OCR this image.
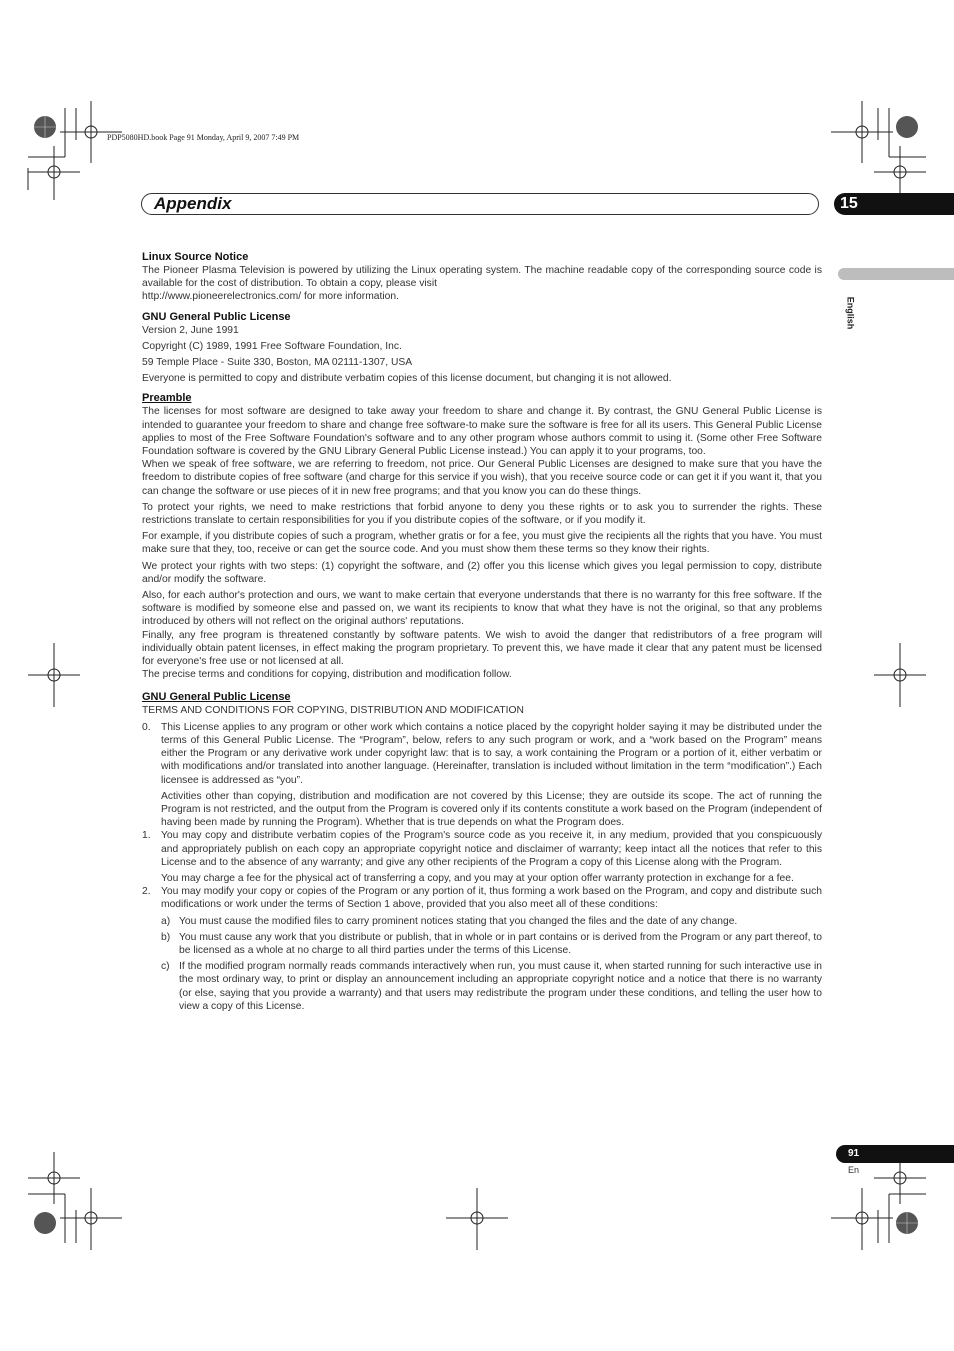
PDP5080HD.book Page 91 Monday, April 9, 2007 7:49 PM
Appendix	15
English
Linux Source Notice

The Pioneer Plasma Television is powered by utilizing the Linux operating system. The machine readable copy of the corresponding source code is available for the cost of distribution. To obtain a copy, please visit

http://www.pioneerelectronics.com/ for more information.

GNU General Public License

Version 2, June 1991

Copyright (C) 1989, 1991 Free Software Foundation, Inc.

59 Temple Place - Suite 330, Boston, MA 02111-1307, USA

Everyone is permitted to copy and distribute verbatim copies of this license document, but changing it is not allowed.

Preamble

The licenses for most software are designed to take away your freedom to share and change it. By contrast, the GNU General Public License is intended to guarantee your freedom to share and change free software-to make sure the software is free for all its users. This General Public License applies to most of the Free Software Foundation's software and to any other program whose authors commit to using it. (Some other Free Software Foundation software is covered by the GNU Library General Public License instead.) You can apply it to your programs, too.

When we speak of free software, we are referring to freedom, not price. Our General Public Licenses are designed to make sure that you have the freedom to distribute copies of free software (and charge for this service if you wish), that you receive source code or can get it if you want it, that you can change the software or use pieces of it in new free programs; and that you know you can do these things.

To protect your rights, we need to make restrictions that forbid anyone to deny you these rights or to ask you to surrender the rights. These restrictions translate to certain responsibilities for you if you distribute copies of the software, or if you modify it.

For example, if you distribute copies of such a program, whether gratis or for a fee, you must give the recipients all the rights that you have. You must make sure that they, too, receive or can get the source code. And you must show them these terms so they know their rights.

We protect your rights with two steps: (1) copyright the software, and (2) offer you this license which gives you legal permission to copy, distribute and/or modify the software.

Also, for each author's protection and ours, we want to make certain that everyone understands that there is no warranty for this free software. If the software is modified by someone else and passed on, we want its recipients to know that what they have is not the original, so that any problems introduced by others will not reflect on the original authors' reputations.

Finally, any free program is threatened constantly by software patents. We wish to avoid the danger that redistributors of a free program will individually obtain patent licenses, in effect making the program proprietary. To prevent this, we have made it clear that any patent must be licensed for everyone's free use or not licensed at all.

The precise terms and conditions for copying, distribution and modification follow.

GNU General Public License

TERMS AND CONDITIONS FOR COPYING, DISTRIBUTION AND MODIFICATION

0.	This License applies to any program or other work which contains a notice placed by the copyright holder saying it may be distributed under the terms of this General Public License. The “Program”, below, refers to any such program or work, and a “work based on the Program” means either the Program or any derivative work under copyright law: that is to say, a work containing the Program or a portion of it, either verbatim or with modifications and/or translated into another language. (Hereinafter, translation is included without limitation in the term “modification”.) Each licensee is addressed as “you”.

Activities other than copying, distribution and modification are not covered by this License; they are outside its scope. The act of running the Program is not restricted, and the output from the Program is covered only if its contents constitute a work based on the Program (independent of having been made by running the Program). Whether that is true depends on what the Program does.

1.	You may copy and distribute verbatim copies of the Program's source code as you receive it, in any medium, provided that you conspicuously and appropriately publish on each copy an appropriate copyright notice and disclaimer of warranty; keep intact all the notices that refer to this License and to the absence of any warranty; and give any other recipients of the Program a copy of this License along with the Program.

You may charge a fee for the physical act of transferring a copy, and you may at your option offer warranty protection in exchange for a fee.

2.	You may modify your copy or copies of the Program or any portion of it, thus forming a work based on the Program, and copy and distribute such modifications or work under the terms of Section 1 above, provided that you also meet all of these conditions:
a) You must cause the modified files to carry prominent notices stating that you changed the files and the date of any change.
b) You must cause any work that you distribute or publish, that in whole or in part contains or is derived from the Program or any part thereof, to be licensed as a whole at no charge to all third parties under the terms of this License.
c) If the modified program normally reads commands interactively when run, you must cause it, when started running for such interactive use in the most ordinary way, to print or display an announcement including an appropriate copyright notice and a notice that there is no warranty (or else, saying that you provide a warranty) and that users may redistribute the program under these conditions, and telling the user how to view a copy of this License.
91
En
